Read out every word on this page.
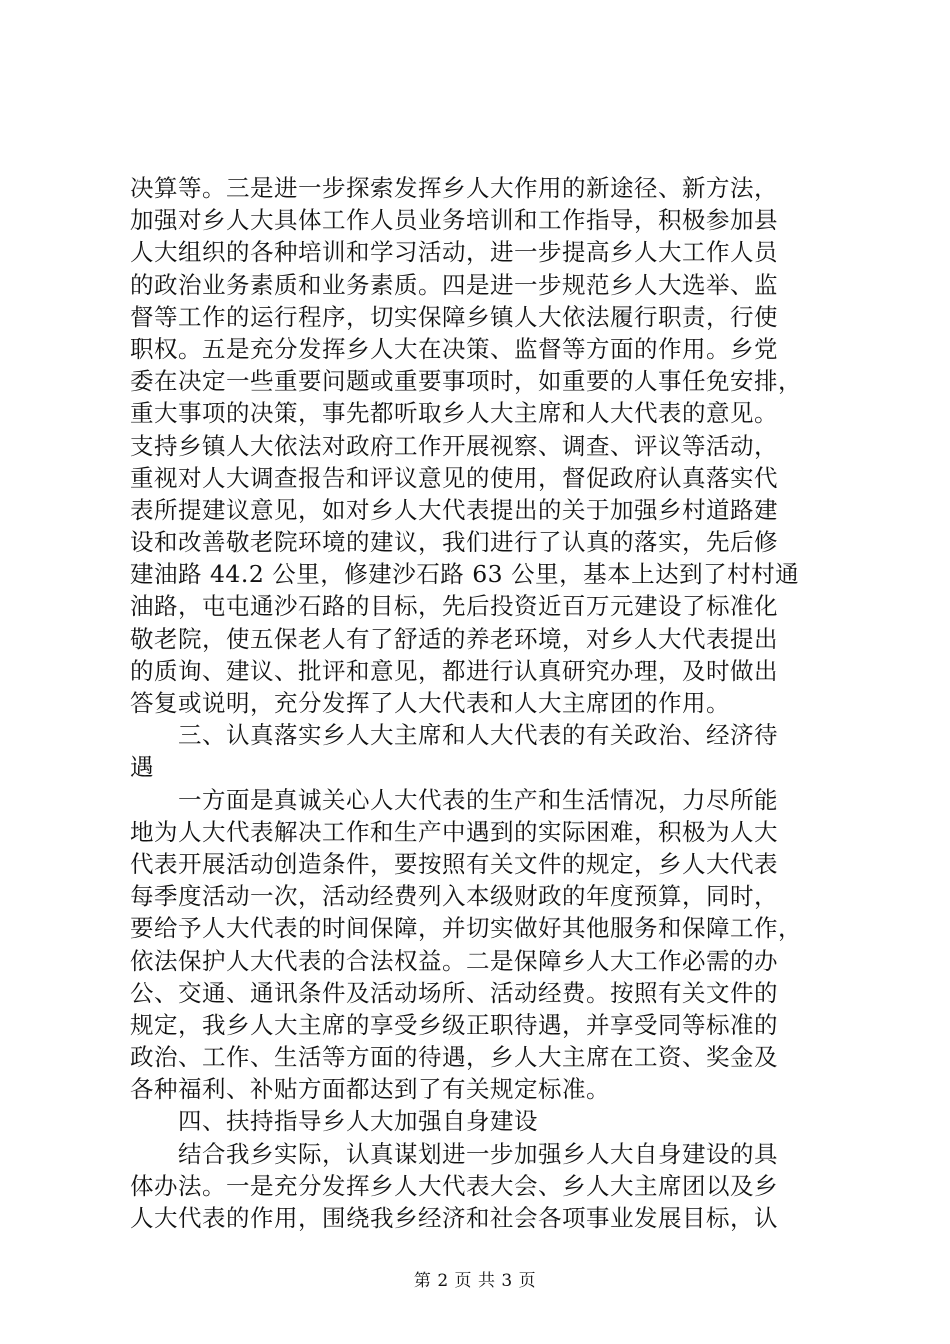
决算等。三是进一步探索发挥乡人大作用的新途径、新方法，
加强对乡人大具体工作人员业务培训和工作指导，积极参加县
人大组织的各种培训和学习活动，进一步提高乡人大工作人员
的政治业务素质和业务素质。四是进一步规范乡人大选举、监
督等工作的运行程序，切实保障乡镇人大依法履行职责，行使
职权。五是充分发挥乡人大在决策、监督等方面的作用。乡党
委在决定一些重要问题或重要事项时，如重要的人事任免安排，
重大事项的决策，事先都听取乡人大主席和人大代表的意见。
支持乡镇人大依法对政府工作开展视察、调查、评议等活动，
重视对人大调查报告和评议意见的使用，督促政府认真落实代
表所提建议意见，如对乡人大代表提出的关于加强乡村道路建
设和改善敬老院环境的建议，我们进行了认真的落实，先后修
建油路 44.2 公里，修建沙石路 63 公里，基本上达到了村村通
油路，屯屯通沙石路的目标，先后投资近百万元建设了标准化
敬老院，使五保老人有了舒适的养老环境，对乡人大代表提出
的质询、建议、批评和意见，都进行认真研究办理，及时做出
答复或说明，充分发挥了人大代表和人大主席团的作用。
三、认真落实乡人大主席和人大代表的有关政治、经济待
遇
一方面是真诚关心人大代表的生产和生活情况，力尽所能
地为人大代表解决工作和生产中遇到的实际困难，积极为人大
代表开展活动创造条件，要按照有关文件的规定，乡人大代表
每季度活动一次，活动经费列入本级财政的年度预算，同时，
要给予人大代表的时间保障，并切实做好其他服务和保障工作，
依法保护人大代表的合法权益。二是保障乡人大工作必需的办
公、交通、通讯条件及活动场所、活动经费。按照有关文件的
规定，我乡人大主席的享受乡级正职待遇，并享受同等标准的
政治、工作、生活等方面的待遇，乡人大主席在工资、奖金及
各种福利、补贴方面都达到了有关规定标准。
四、扶持指导乡人大加强自身建设
结合我乡实际，认真谋划进一步加强乡人大自身建设的具
体办法。一是充分发挥乡人大代表大会、乡人大主席团以及乡
人大代表的作用，围绕我乡经济和社会各项事业发展目标，认
第 2 页 共 3 页
